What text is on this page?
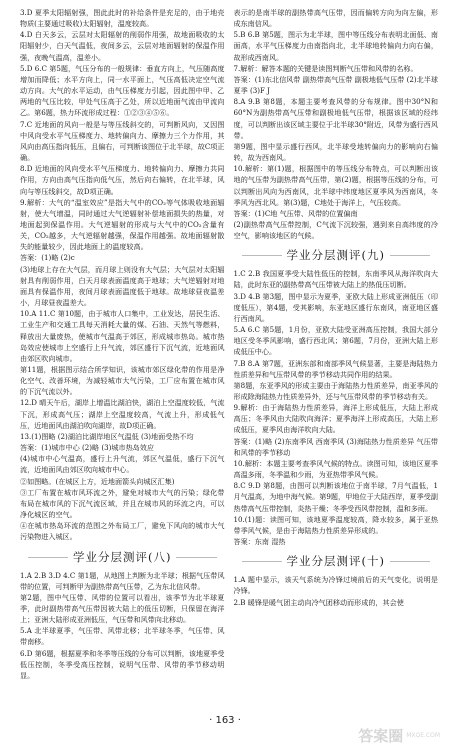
3.D 夏季太阳辐射强，图此此时的补给条件是充足的，由于地壳物质(主要通过吸收)太阳辐射，温度较高。

4.D 白天多云，云层对太阳辐射的削弱作用强，故地面吸收的太阳辐射少，白天气温低，夜间多云，云层对地面辐射的保温作用强，夜晚气温高，温差小。

5.D 6.C 第5题，气压分布的一般规律：垂直方向上，气压随高度增加而降低；水平方向上，同一水平面上，气压高低决定空气流动方向。大气的水平运动，由气压梯度力引起，因此图中甲、乙两地的气压比较，甲处气压高于乙处，所以近地面气流由甲流向乙。第6题，热力环流形成过程：①②③④⑤⑥。

7.C 近地面的风向一般是与等压线斜交的，可判断风向，又因图中风向受水平气压梯度力、地转偏向力、摩擦力三个力作用，其风向由高压指向低压，且偏右，可判断该图位于北半球，故C项正确。

8.D 近地面的风向受水平气压梯度力、地转偏向力、摩擦力共同作用，方向由高气压指向低气压，然后向右偏转，在北半球，风向与等压线斜交，故D项正确。

9.解析：大气的“温室效应”是指大气中的CO₂等气体吸收地面辐射，使大气增温，同时通过大气逆辐射补偿地面损失的热量，对地面起到保温作用。大气逆辐射的形成与大气中的CO₂含量有关，CO₂越多，大气逆辐射越强，保温作用越强。故地面辐射散失的能量较少，因此地面上的温度较高。

答案：(1)略 (2)c

(3)地球上存在大气层，而月球上则没有大气层；大气层对太阳辐射具有削弱作用，白天月球表面温度高于地球；大气逆辐射对地面具有保温作用，夜间月球表面温度低于地球。故地球昼夜温差小，月球昼夜温差大。

10.A 11.C 第10题，由于城市人口集中，工业发达，居民生活、工业生产和交通工具每天消耗大量的煤、石油、天然气等燃料，释放出大量废热，使城市气温高于郊区，形成城市热岛。城市热岛效应使城市上空盛行上升气流，郊区盛行下沉气流，近地面风由郊区吹向城市。

第11题，根据图示结合所学知识，该城市郊区绿化带的作用是净化空气、改善环境，为减轻城市大气污染，工厂应布置在城市风的下沉气流以外。

12.D 晴天午后，湖岸上增温比湖泊快，湖泊上空温度较低，气流下沉，形成高气压；湖岸上空温度较高，气流上升，形成低气压，近地面风由湖泊吹向湖岸，故D项正确。

13.(1)图略 (2)湖泊比湖岸地区气温低 (3)地面受热不均

答案：(1)城市中心 (2)略 (3)城市热岛效应

(4)城市中心气温高，盛行上升气流，郊区气温低，盛行下沉气流，近地面风由郊区吹向城市中心。

②如图略。(在城区上方，近地面箭头向城区汇集)

③工厂布置在城市风环流之外，避免对城市大气的污染；绿化带布局在城市风的下沉气流区域，并且在城市风的环流之内，可以净化城区的空气。

④在城市热岛环流的范围之外布局工厂，避免下风向的城市大气污染物进入城区。

学业分层测评(八)

1.A 2.B 3.D 4.C 第1题，从地图上判断为北半球；根据气压带风带的位置，可判断甲为副热带高气压带，乙为东北信风带。

第2题，图中气压带、风带的位置可以看出，该季节为北半球夏季，此时副热带高气压带因被大陆上的低压切断，只保留在海洋上；亚洲大陆形成亚洲低压，气压带和风带向北移动。

5.A 北半球夏季，气压带、风带北移；北半球冬季，气压带、风带南移。

6.D 第6题，根据夏季和冬季等压线的分布可以判断，该地夏季受低压控制，冬季受高压控制，说明气压带、风带的季节移动明显。

表示的是南半球的副热带高气压带，因而偏转方向为向左偏，形成东南信风。

5.B 6.B 第5题，图示为北半球，图中等压线分布表明北面低、南面高，水平气压梯度力由南指向北，北半球地转偏向力向右偏，故形成西南风。

7.解析：解答本题的关键是读图判断气压带和风带的名称。

答案：(1)东北信风带 副热带高气压带 副极地低气压带 (2)北半球夏季 (3)F J

8.A 9.B 第8题，本题主要考查风带的分布规律。图中30°N和60°N为副热带高气压带和副极地低气压带，根据该区域的经纬度，可以判断出该区域主要位于北半球30°附近，风带为盛行西风带。

第9题，图中显示盛行西风，北半球受地转偏向力的影响向右偏转，故为西南风。

10.解析：第(1)题，根据图中的等压线分布特点，可以判断出该地的气压带为副热带高气压带，第(2)题，根据等压线的分布，可以判断出风向为西南风，北半球中纬度地区夏季风为西南风，冬季风为西北风。第(3)题，C地处于海洋上，气压较高。

答案：(1)C地 气压带、风带的位置偏南

(2)副热带高气压带控制，C气流下沉较强，遇到来自高纬度的冷空气，影响该地区的气候。

学业分层测评(九)

1.C 2.B 我国夏季受大陆性低压的控制，东南季风从海洋吹向大陆，此时东亚的副热带高气压带被大陆上的热低压切断。

3.D 4.B 第3题，图中显示为夏季，亚欧大陆上形成亚洲低压（印度低压），第4题，受其影响，东亚地区盛行东南风，南亚地区盛行西南风。

5.A 6.C 第5题，1月份，亚欧大陆受亚洲高压控制，我国大部分地区受冬季风影响，盛行西北风；第6题，7月份，亚洲大陆上形成低压中心。

7.B 8.A 第7题，亚洲东部和南部季风气候显著，主要是海陆热力性质差异和气压带风带的季节移动共同作用的结果。

第8题，东亚季风的形成主要由于海陆热力性质差异，南亚季风的形成除海陆热力性质差异外，还与气压带风带的季节移动有关。

9.解析：由于海陆热力性质差异，海洋上形成低压，大陆上形成高压；冬季风由大陆吹向海洋；夏季海洋上形成高压，大陆上形成低压，夏季风由海洋吹向大陆。

答案：(1)略 (2)东南季风 西南季风 (3)海陆热力性质差异 气压带和风带的季节移动

10.解析：本题主要考查季风气候的特点。读图可知，该地区夏季高温多雨，冬季温和少雨，为亚热带季风气候。

8.C 9.D 第8题，由图可以判断该地位于南半球，7月气温低，1月气温高，为地中海气候。第9题，甲地位于大陆西岸，夏季受副热带高气压带控制，炎热干燥；冬季受西风带控制，温和多雨。

10.(1)题：读图可知，该地夏季温度较高，降水较多，属于亚热带季风气候，是由于海陆热力性质差异形成的。

答案：东南 湿热

学业分层测评(十)

1.A 题中显示，该天气系统为冷锋过境前后的天气变化，说明是冷锋。

2.B 暖锋是暖气团主动向冷气团移动而形成的，其会使

· 163 ·
答案圈 MXQE.COM
